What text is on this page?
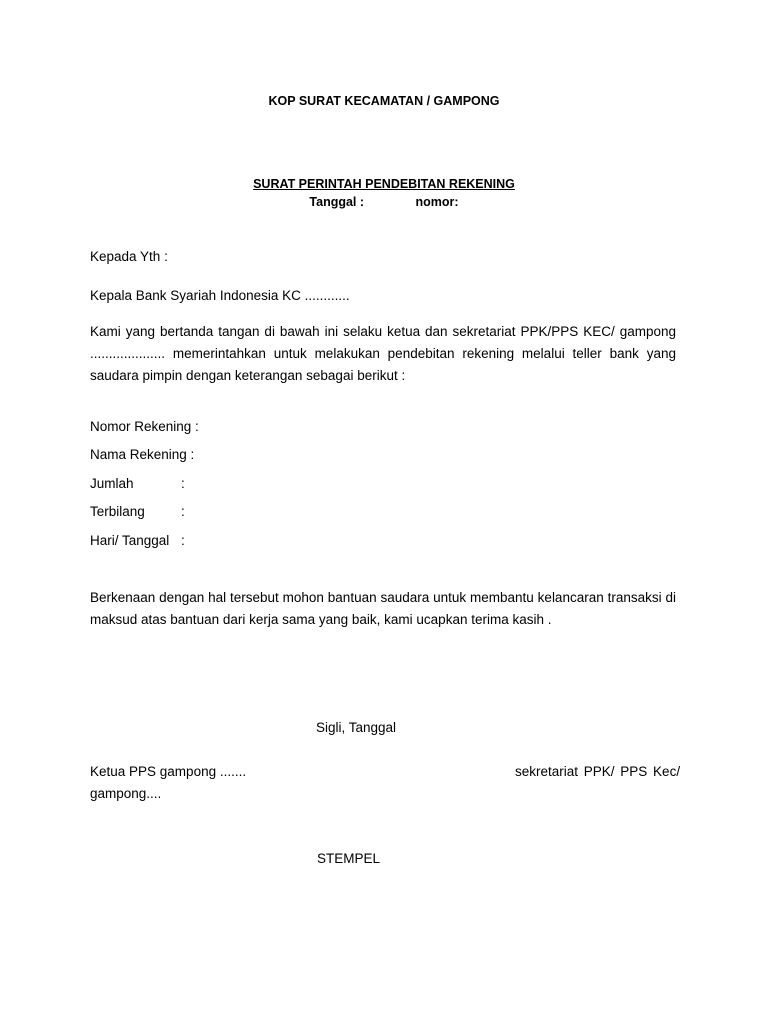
KOP SURAT KECAMATAN / GAMPONG
SURAT PERINTAH PENDEBITAN REKENING
Tanggal :	nomor:
Kepada Yth :
Kepala Bank Syariah Indonesia KC ............
Kami yang bertanda tangan di bawah ini selaku ketua dan sekretariat PPK/PPS KEC/ gampong .................... memerintahkan untuk melakukan pendebitan rekening melalui teller bank yang saudara pimpin dengan keterangan sebagai berikut :
Nomor Rekening :
Nama Rekening :
Jumlah	:
Terbilang	:
Hari/ Tanggal :
Berkenaan dengan hal tersebut mohon bantuan saudara untuk membantu kelancaran transaksi di maksud atas bantuan dari kerja sama yang baik, kami ucapkan terima kasih .
Sigli, Tanggal
Ketua PPS gampong .......	sekretariat PPK/ PPS Kec/
gampong....
STEMPEL
